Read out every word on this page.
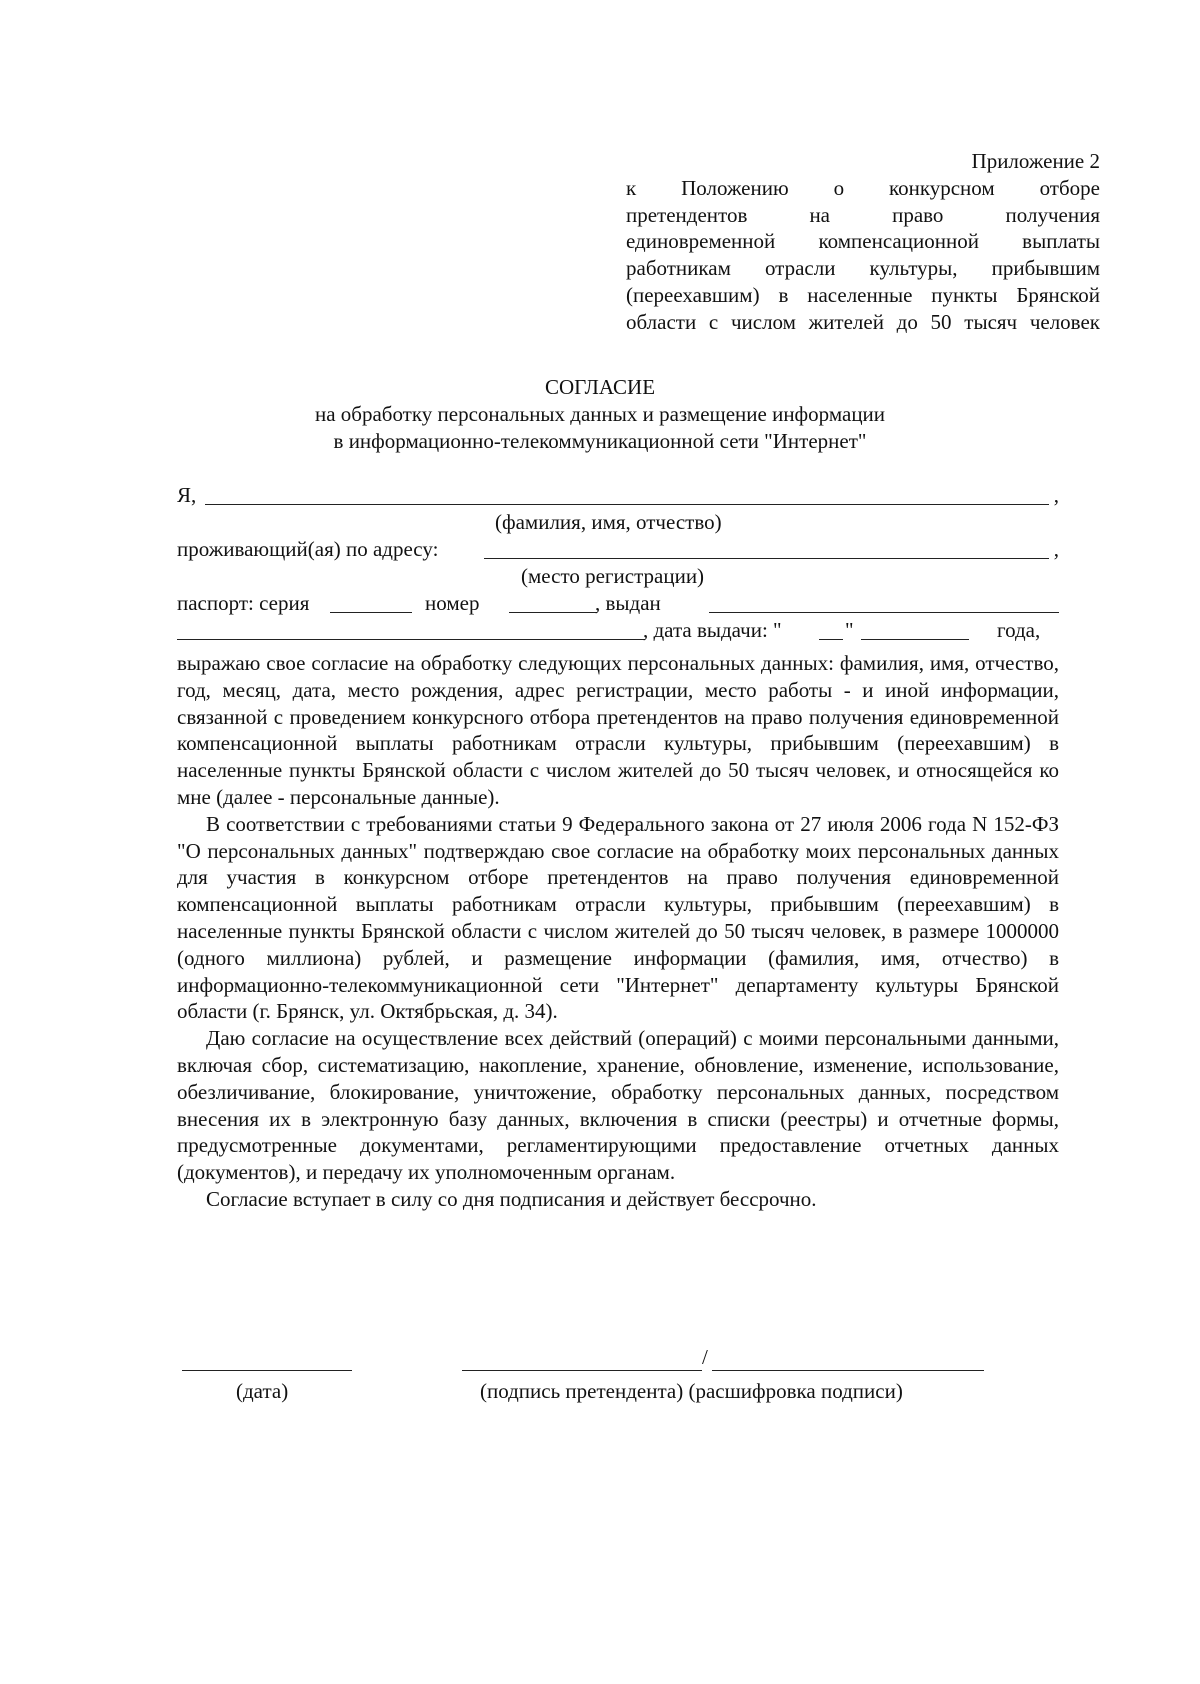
Приложение 2
к Положению о конкурсном отборе
претендентов на право получения
единовременной компенсационной выплаты
работникам отрасли культуры, прибывшим
(переехавшим) в населенные пункты Брянской
области с числом жителей до 50 тысяч человек
СОГЛАСИЕ
на обработку персональных данных и размещение информации
в информационно-телекоммуникационной сети "Интернет"
Я,	,
(фамилия, имя, отчество)
проживающий(ая) по адресу:	,
(место регистрации)
паспорт: серия	номер	, выдан
, дата выдачи: "	"	года,

выражаю свое согласие на обработку следующих персональных данных: фамилия, имя, отчество, год, месяц, дата, место рождения, адрес регистрации, место работы - и иной информации, связанной с проведением конкурсного отбора претендентов на право получения единовременной компенсационной выплаты работникам отрасли культуры, прибывшим (переехавшим) в населенные пункты Брянской области с числом жителей до 50 тысяч человек, и относящейся ко мне (далее - персональные данные).

В соответствии с требованиями статьи 9 Федерального закона от 27 июля 2006 года N 152-ФЗ "О персональных данных" подтверждаю свое согласие на обработку моих персональных данных для участия в конкурсном отборе претендентов на право получения единовременной компенсационной выплаты работникам отрасли культуры, прибывшим (переехавшим) в населенные пункты Брянской области с числом жителей до 50 тысяч человек, в размере 1000000 (одного миллиона) рублей, и размещение информации (фамилия, имя, отчество) в информационно-телекоммуникационной сети "Интернет" департаменту культуры Брянской области (г. Брянск, ул. Октябрьская, д. 34).

Даю согласие на осуществление всех действий (операций) с моими персональными данными, включая сбор, систематизацию, накопление, хранение, обновление, изменение, использование, обезличивание, блокирование, уничтожение, обработку персональных данных, посредством внесения их в электронную базу данных, включения в списки (реестры) и отчетные формы, предусмотренные документами, регламентирующими предоставление отчетных данных (документов), и передачу их уполномоченным органам.

Согласие вступает в силу со дня подписания и действует бессрочно.

(дата)
/
(подпись претендента) (расшифровка подписи)
